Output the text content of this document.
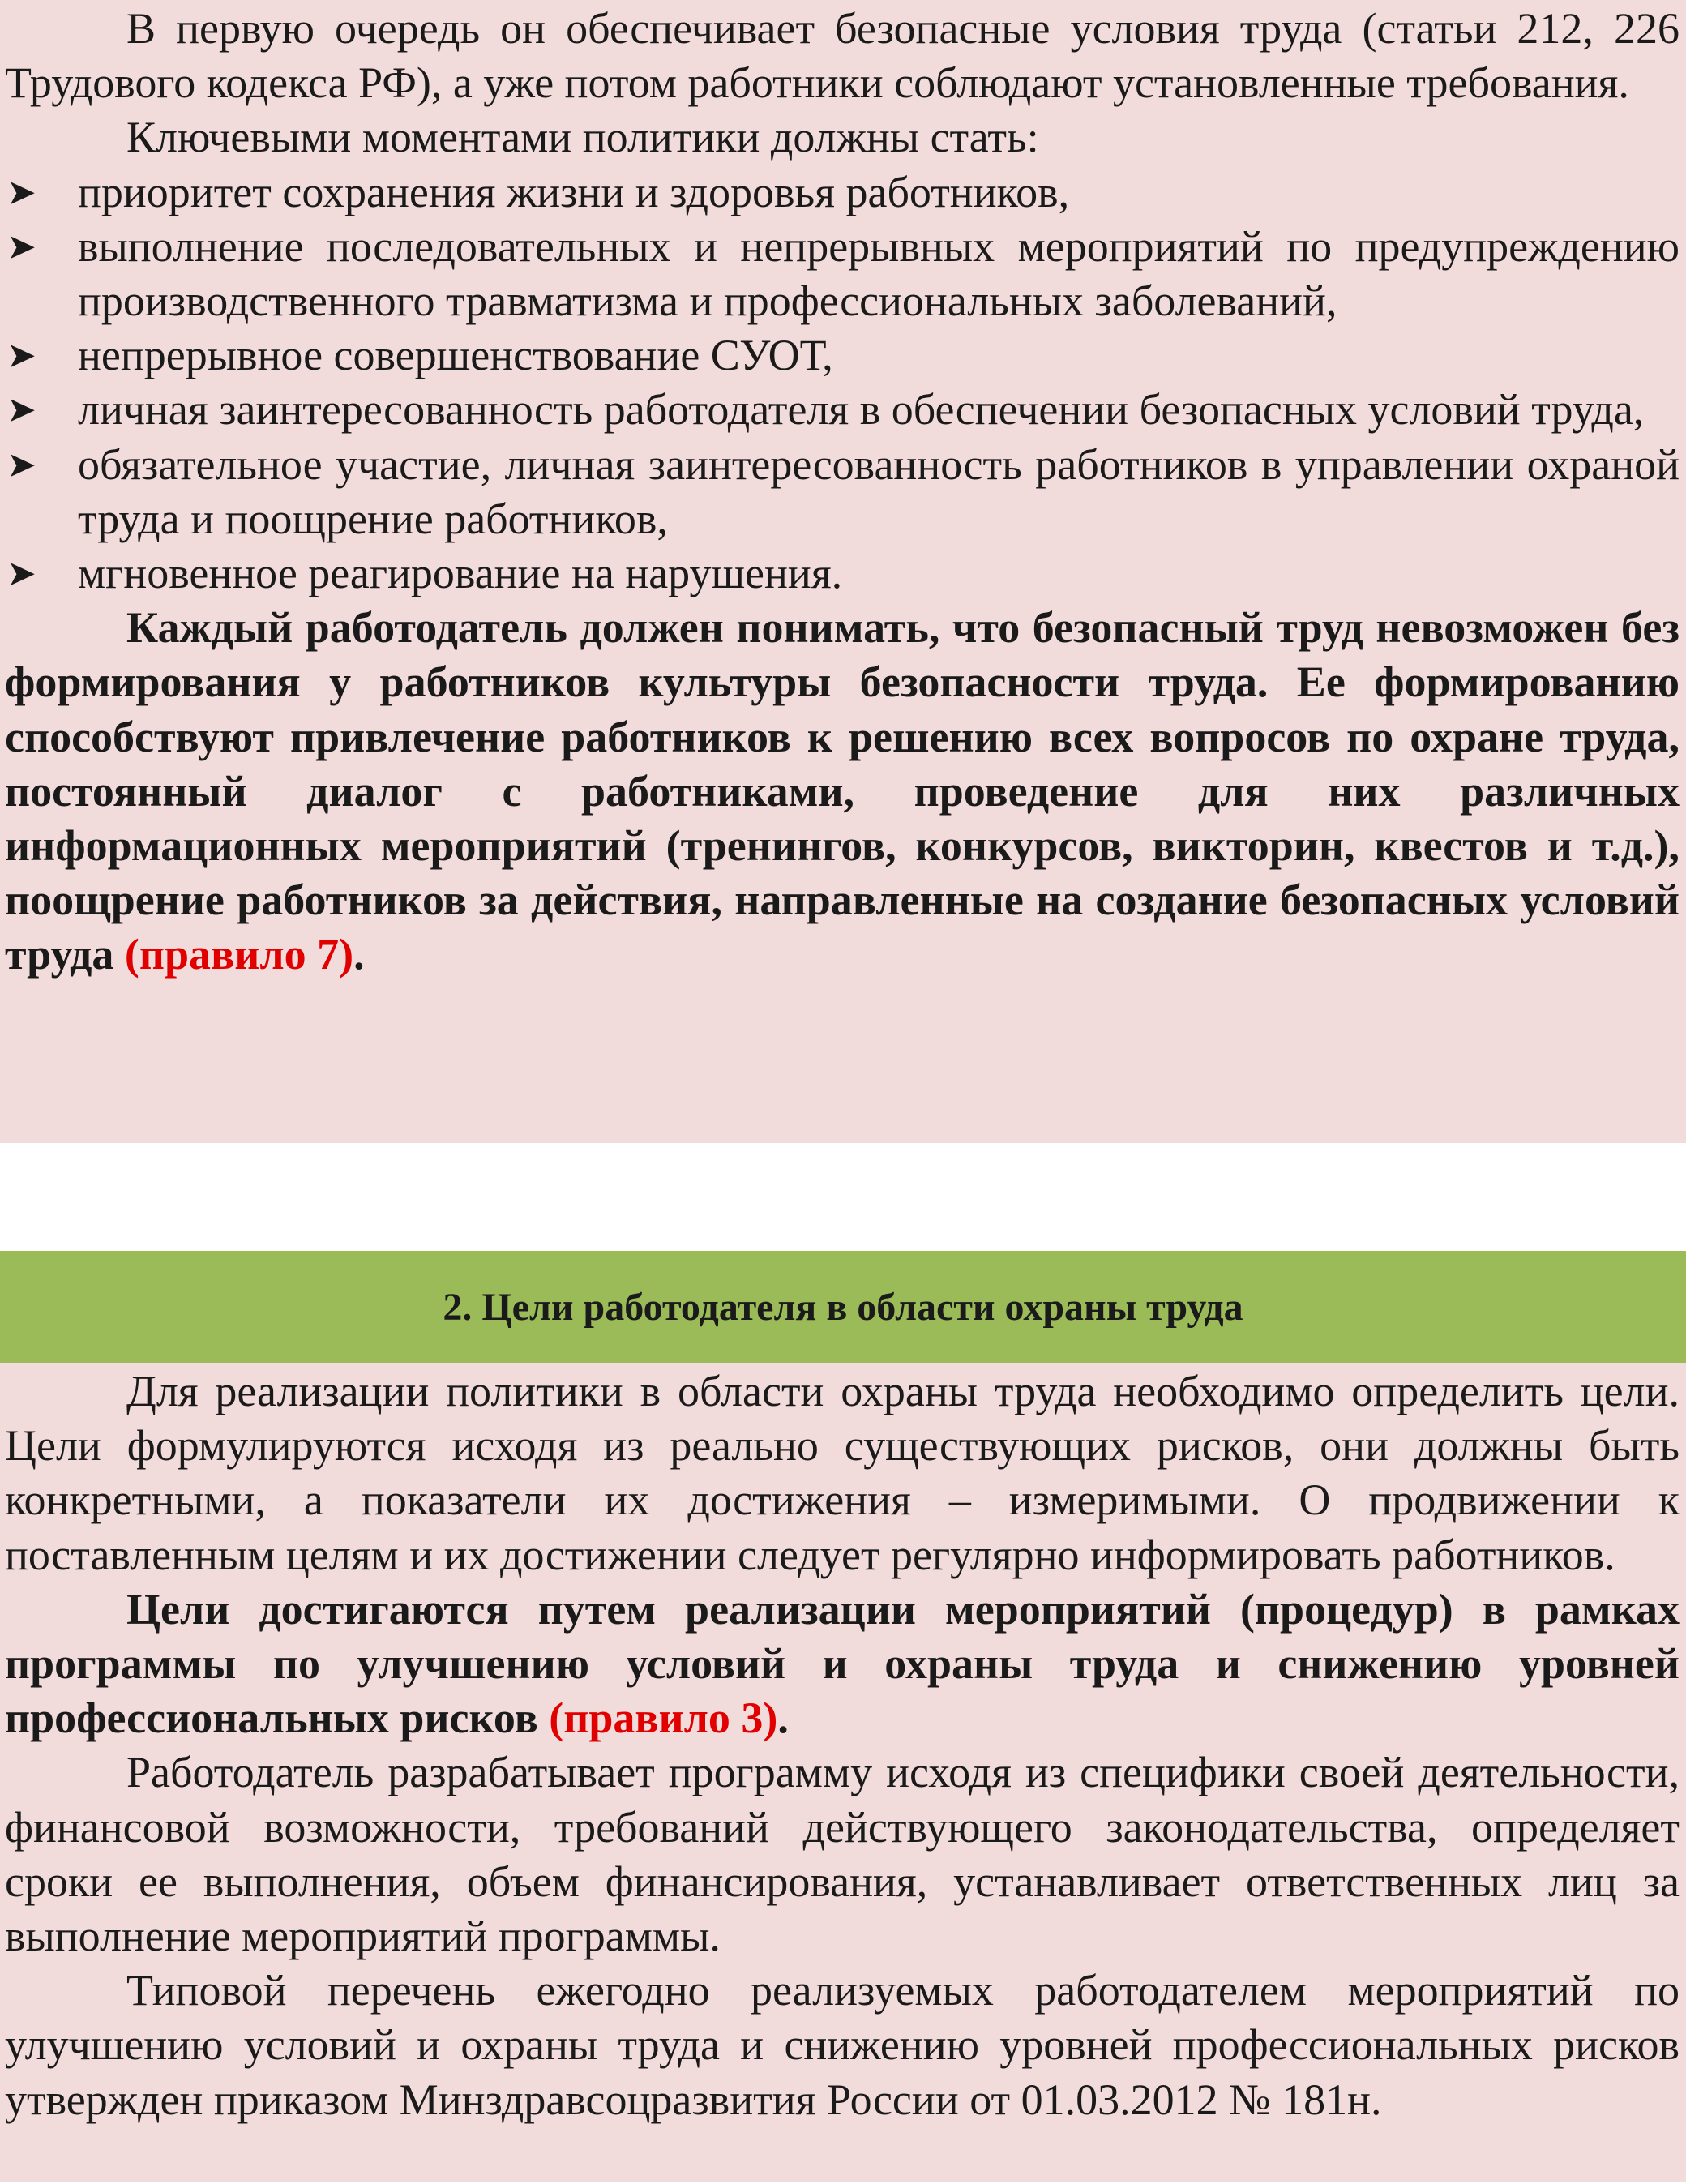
В первую очередь он обеспечивает безопасные условия труда (статьи 212, 226 Трудового кодекса РФ), а уже потом работники соблюдают установленные требования.

Ключевыми моментами политики должны стать:

➤ приоритет сохранения жизни и здоровья работников,
➤ выполнение последовательных и непрерывных мероприятий по предупреждению производственного травматизма и профессиональных заболеваний,
➤ непрерывное совершенствование СУОТ,
➤ личная заинтересованность работодателя в обеспечении безопасных условий труда,
➤ обязательное участие, личная заинтересованность работников в управлении охраной труда и поощрение работников,
➤ мгновенное реагирование на нарушения.

Каждый работодатель должен понимать, что безопасный труд невозможен без формирования у работников культуры безопасности труда. Ее формированию способствуют привлечение работников к решению всех вопросов по охране труда, постоянный диалог с работниками, проведение для них различных информационных мероприятий (тренингов, конкурсов, викторин, квестов и т.д.), поощрение работников за действия, направленные на создание безопасных условий труда (правило 7).

2. Цели работодателя в области охраны труда

Для реализации политики в области охраны труда необходимо определить цели. Цели формулируются исходя из реально существующих рисков, они должны быть конкретными, а показатели их достижения – измеримыми. О продвижении к поставленным целям и их достижении следует регулярно информировать работников.

Цели достигаются путем реализации мероприятий (процедур) в рамках программы по улучшению условий и охраны труда и снижению уровней профессиональных рисков (правило 3).

Работодатель разрабатывает программу исходя из специфики своей деятельности, финансовой возможности, требований действующего законодательства, определяет сроки ее выполнения, объем финансирования, устанавливает ответственных лиц за выполнение мероприятий программы.

Типовой перечень ежегодно реализуемых работодателем мероприятий по улучшению условий и охраны труда и снижению уровней профессиональных рисков утвержден приказом Минздравсоцразвития России от 01.03.2012 № 181н.
